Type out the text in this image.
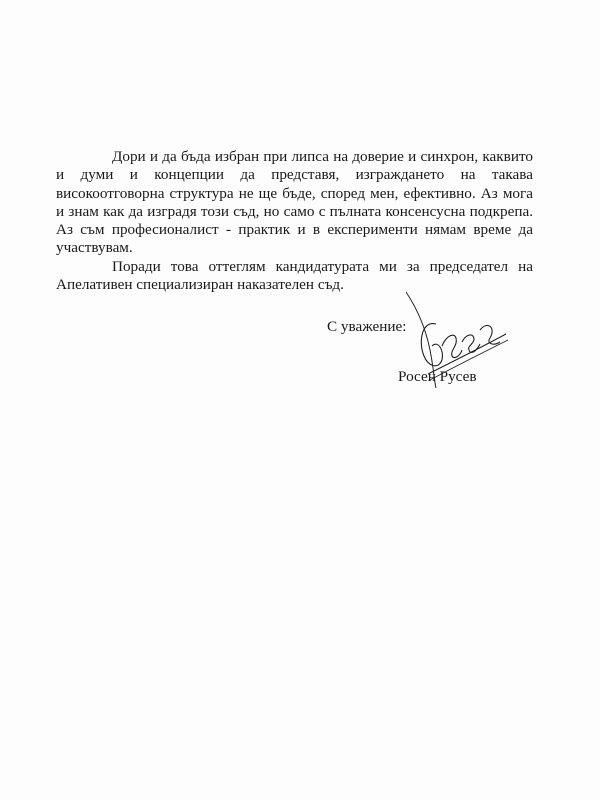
Дори и да бъда избран при липса на доверие и синхрон, каквито и думи и концепции да представя, изграждането на такава високоотговорна структура не ще бъде, според мен, ефективно. Аз мога и знам как да изградя този съд, но само с пълната консенсусна подкрепа. Аз съм професионалист - практик и в експерименти нямам време да участвувам.

Поради това оттеглям кандидатурата ми за председател на Апелативен специализиран наказателен съд.

С уважение:
Росен Русев
